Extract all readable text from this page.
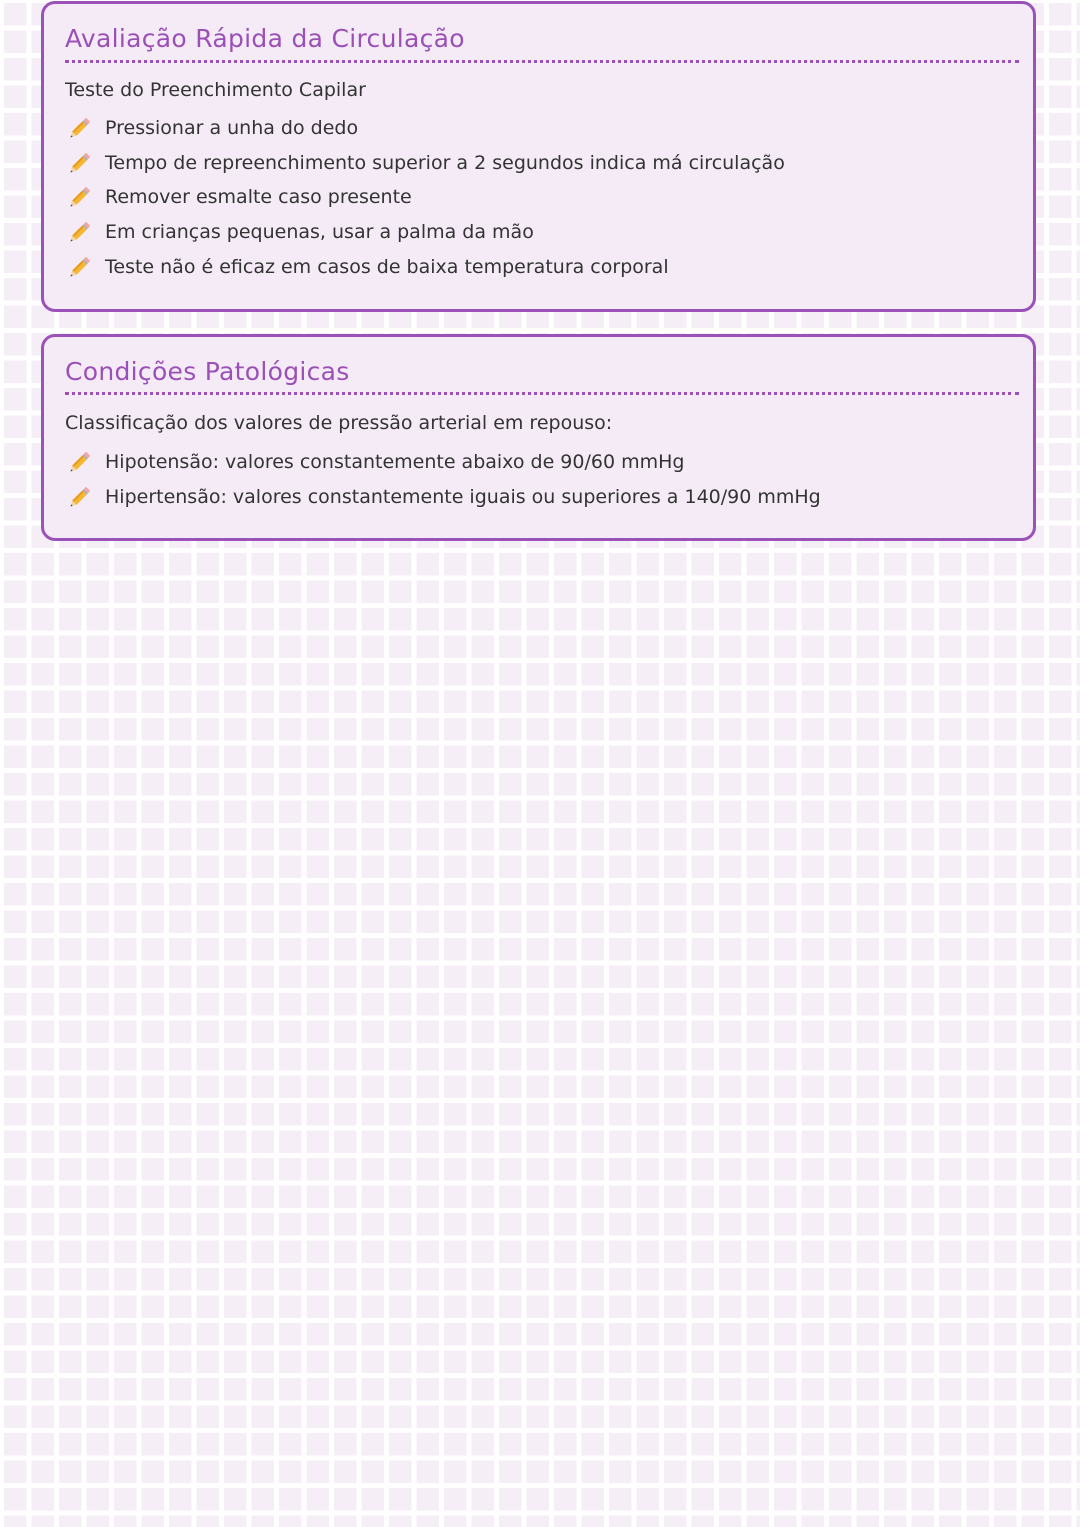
Avaliação Rápida da Circulação
Teste do Preenchimento Capilar
Pressionar a unha do dedo
Tempo de repreenchimento superior a 2 segundos indica má circulação
Remover esmalte caso presente
Em crianças pequenas, usar a palma da mão
Teste não é eficaz em casos de baixa temperatura corporal
Condições Patológicas
Classificação dos valores de pressão arterial em repouso:
Hipotensão: valores constantemente abaixo de 90/60 mmHg
Hipertensão: valores constantemente iguais ou superiores a 140/90 mmHg
